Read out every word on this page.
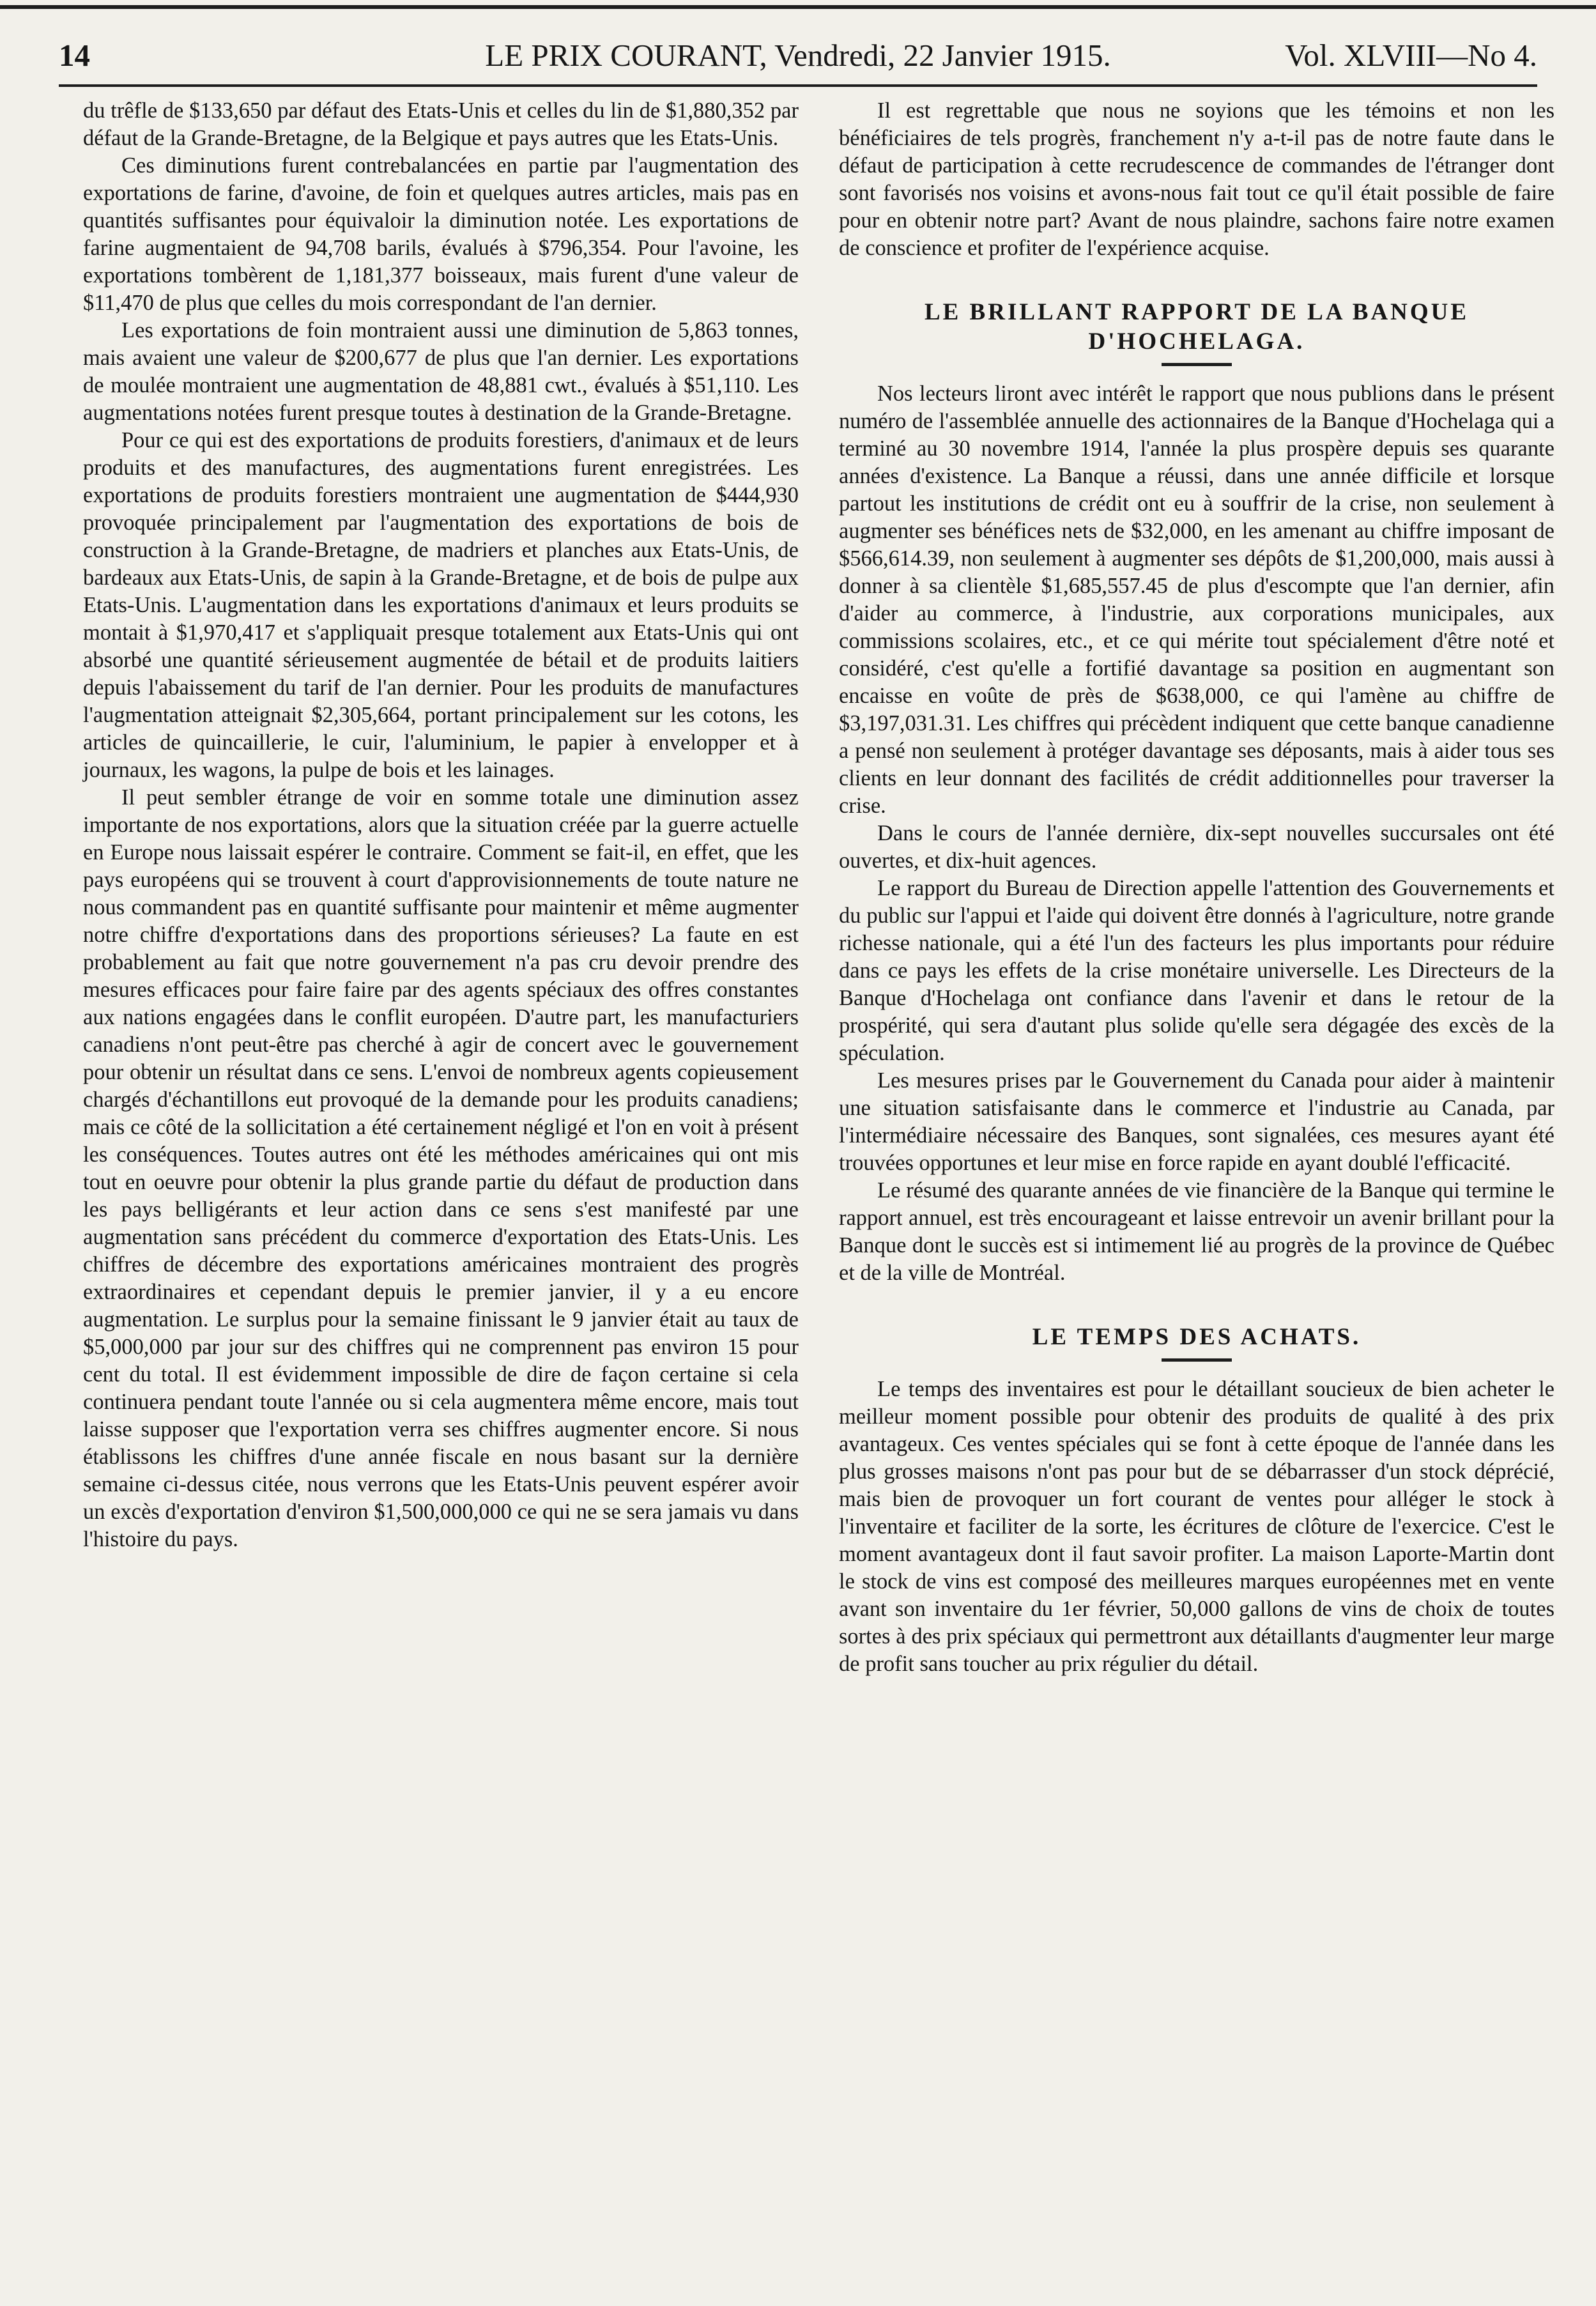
14	LE PRIX COURANT, Vendredi, 22 Janvier 1915.	Vol. XLVIII—No 4.

du trêfle de $133,650 par défaut des Etats-Unis et celles du lin de $1,880,352 par défaut de la Grande-Bretagne, de la Belgique et pays autres que les Etats-Unis.

Ces diminutions furent contrebalancées en partie par l'augmentation des exportations de farine, d'avoine, de foin et quelques autres articles, mais pas en quantités suffisantes pour équivaloir la diminution notée. Les exportations de farine augmentaient de 94,708 barils, évalués à $796,354. Pour l'avoine, les exportations tombèrent de 1,181,377 boisseaux, mais furent d'une valeur de $11,470 de plus que celles du mois correspondant de l'an dernier.

Les exportations de foin montraient aussi une diminution de 5,863 tonnes, mais avaient une valeur de $200,677 de plus que l'an dernier. Les exportations de moulée montraient une augmentation de 48,881 cwt., évalués à $51,110. Les augmentations notées furent presque toutes à destination de la Grande-Bretagne.

Pour ce qui est des exportations de produits forestiers, d'animaux et de leurs produits et des manufactures, des augmentations furent enregistrées. Les exportations de produits forestiers montraient une augmentation de $444,930 provoquée principalement par l'augmentation des exportations de bois de construction à la Grande-Bretagne, de madriers et planches aux Etats-Unis, de bardeaux aux Etats-Unis, de sapin à la Grande-Bretagne, et de bois de pulpe aux Etats-Unis. L'augmentation dans les exportations d'animaux et leurs produits se montait à $1,970,417 et s'appliquait presque totalement aux Etats-Unis qui ont absorbé une quantité sérieusement augmentée de bétail et de produits laitiers depuis l'abaissement du tarif de l'an dernier. Pour les produits de manufactures l'augmentation atteignait $2,305,664, portant principalement sur les cotons, les articles de quincaillerie, le cuir, l'aluminium, le papier à envelopper et à journaux, les wagons, la pulpe de bois et les lainages.

Il peut sembler étrange de voir en somme totale une diminution assez importante de nos exportations, alors que la situation créée par la guerre actuelle en Europe nous laissait espérer le contraire. Comment se fait-il, en effet, que les pays européens qui se trouvent à court d'approvisionnements de toute nature ne nous commandent pas en quantité suffisante pour maintenir et même augmenter notre chiffre d'exportations dans des proportions sérieuses? La faute en est probablement au fait que notre gouvernement n'a pas cru devoir prendre des mesures efficaces pour faire faire par des agents spéciaux des offres constantes aux nations engagées dans le conflit européen. D'autre part, les manufacturiers canadiens n'ont peut-être pas cherché à agir de concert avec le gouvernement pour obtenir un résultat dans ce sens. L'envoi de nombreux agents copieusement chargés d'échantillons eut provoqué de la demande pour les produits canadiens; mais ce côté de la sollicitation a été certainement négligé et l'on en voit à présent les conséquences. Toutes autres ont été les méthodes américaines qui ont mis tout en oeuvre pour obtenir la plus grande partie du défaut de production dans les pays belligérants et leur action dans ce sens s'est manifesté par une augmentation sans précédent du commerce d'exportation des Etats-Unis. Les chiffres de décembre des exportations américaines montraient des progrès extraordinaires et cependant depuis le premier janvier, il y a eu encore augmentation. Le surplus pour la semaine finissant le 9 janvier était au taux de $5,000,000 par jour sur des chiffres qui ne comprennent pas environ 15 pour cent du total. Il est évidemment impossible de dire de façon certaine si cela continuera pendant toute l'année ou si cela augmentera même encore, mais tout laisse supposer que l'exportation verra ses chiffres augmenter encore. Si nous établissons les chiffres d'une année fiscale en nous basant sur la dernière semaine ci-dessus citée, nous verrons que les Etats-Unis peuvent espérer avoir un excès d'exportation d'environ $1,500,000,000 ce qui ne se sera jamais vu dans l'histoire du pays.

Il est regrettable que nous ne soyions que les témoins et non les bénéficiaires de tels progrès, franchement n'y a-t-il pas de notre faute dans le défaut de participation à cette recrudescence de commandes de l'étranger dont sont favorisés nos voisins et avons-nous fait tout ce qu'il était possible de faire pour en obtenir notre part? Avant de nous plaindre, sachons faire notre examen de conscience et profiter de l'expérience acquise.

LE BRILLANT RAPPORT DE LA BANQUE D'HOCHELAGA.

Nos lecteurs liront avec intérêt le rapport que nous publions dans le présent numéro de l'assemblée annuelle des actionnaires de la Banque d'Hochelaga qui a terminé au 30 novembre 1914, l'année la plus prospère depuis ses quarante années d'existence. La Banque a réussi, dans une année difficile et lorsque partout les institutions de crédit ont eu à souffrir de la crise, non seulement à augmenter ses bénéfices nets de $32,000, en les amenant au chiffre imposant de $566,614.39, non seulement à augmenter ses dépôts de $1,200,000, mais aussi à donner à sa clientèle $1,685,557.45 de plus d'escompte que l'an dernier, afin d'aider au commerce, à l'industrie, aux corporations municipales, aux commissions scolaires, etc., et ce qui mérite tout spécialement d'être noté et considéré, c'est qu'elle a fortifié davantage sa position en augmentant son encaisse en voûte de près de $638,000, ce qui l'amène au chiffre de $3,197,031.31. Les chiffres qui précèdent indiquent que cette banque canadienne a pensé non seulement à protéger davantage ses déposants, mais à aider tous ses clients en leur donnant des facilités de crédit additionnelles pour traverser la crise.

Dans le cours de l'année dernière, dix-sept nouvelles succursales ont été ouvertes, et dix-huit agences.

Le rapport du Bureau de Direction appelle l'attention des Gouvernements et du public sur l'appui et l'aide qui doivent être donnés à l'agriculture, notre grande richesse nationale, qui a été l'un des facteurs les plus importants pour réduire dans ce pays les effets de la crise monétaire universelle. Les Directeurs de la Banque d'Hochelaga ont confiance dans l'avenir et dans le retour de la prospérité, qui sera d'autant plus solide qu'elle sera dégagée des excès de la spéculation.

Les mesures prises par le Gouvernement du Canada pour aider à maintenir une situation satisfaisante dans le commerce et l'industrie au Canada, par l'intermédiaire nécessaire des Banques, sont signalées, ces mesures ayant été trouvées opportunes et leur mise en force rapide en ayant doublé l'efficacité.

Le résumé des quarante années de vie financière de la Banque qui termine le rapport annuel, est très encourageant et laisse entrevoir un avenir brillant pour la Banque dont le succès est si intimement lié au progrès de la province de Québec et de la ville de Montréal.

LE TEMPS DES ACHATS.

Le temps des inventaires est pour le détaillant soucieux de bien acheter le meilleur moment possible pour obtenir des produits de qualité à des prix avantageux. Ces ventes spéciales qui se font à cette époque de l'année dans les plus grosses maisons n'ont pas pour but de se débarrasser d'un stock déprécié, mais bien de provoquer un fort courant de ventes pour alléger le stock à l'inventaire et faciliter de la sorte, les écritures de clôture de l'exercice. C'est le moment avantageux dont il faut savoir profiter. La maison Laporte-Martin dont le stock de vins est composé des meilleures marques européennes met en vente avant son inventaire du 1er février, 50,000 gallons de vins de choix de toutes sortes à des prix spéciaux qui permettront aux détaillants d'augmenter leur marge de profit sans toucher au prix régulier du détail.
